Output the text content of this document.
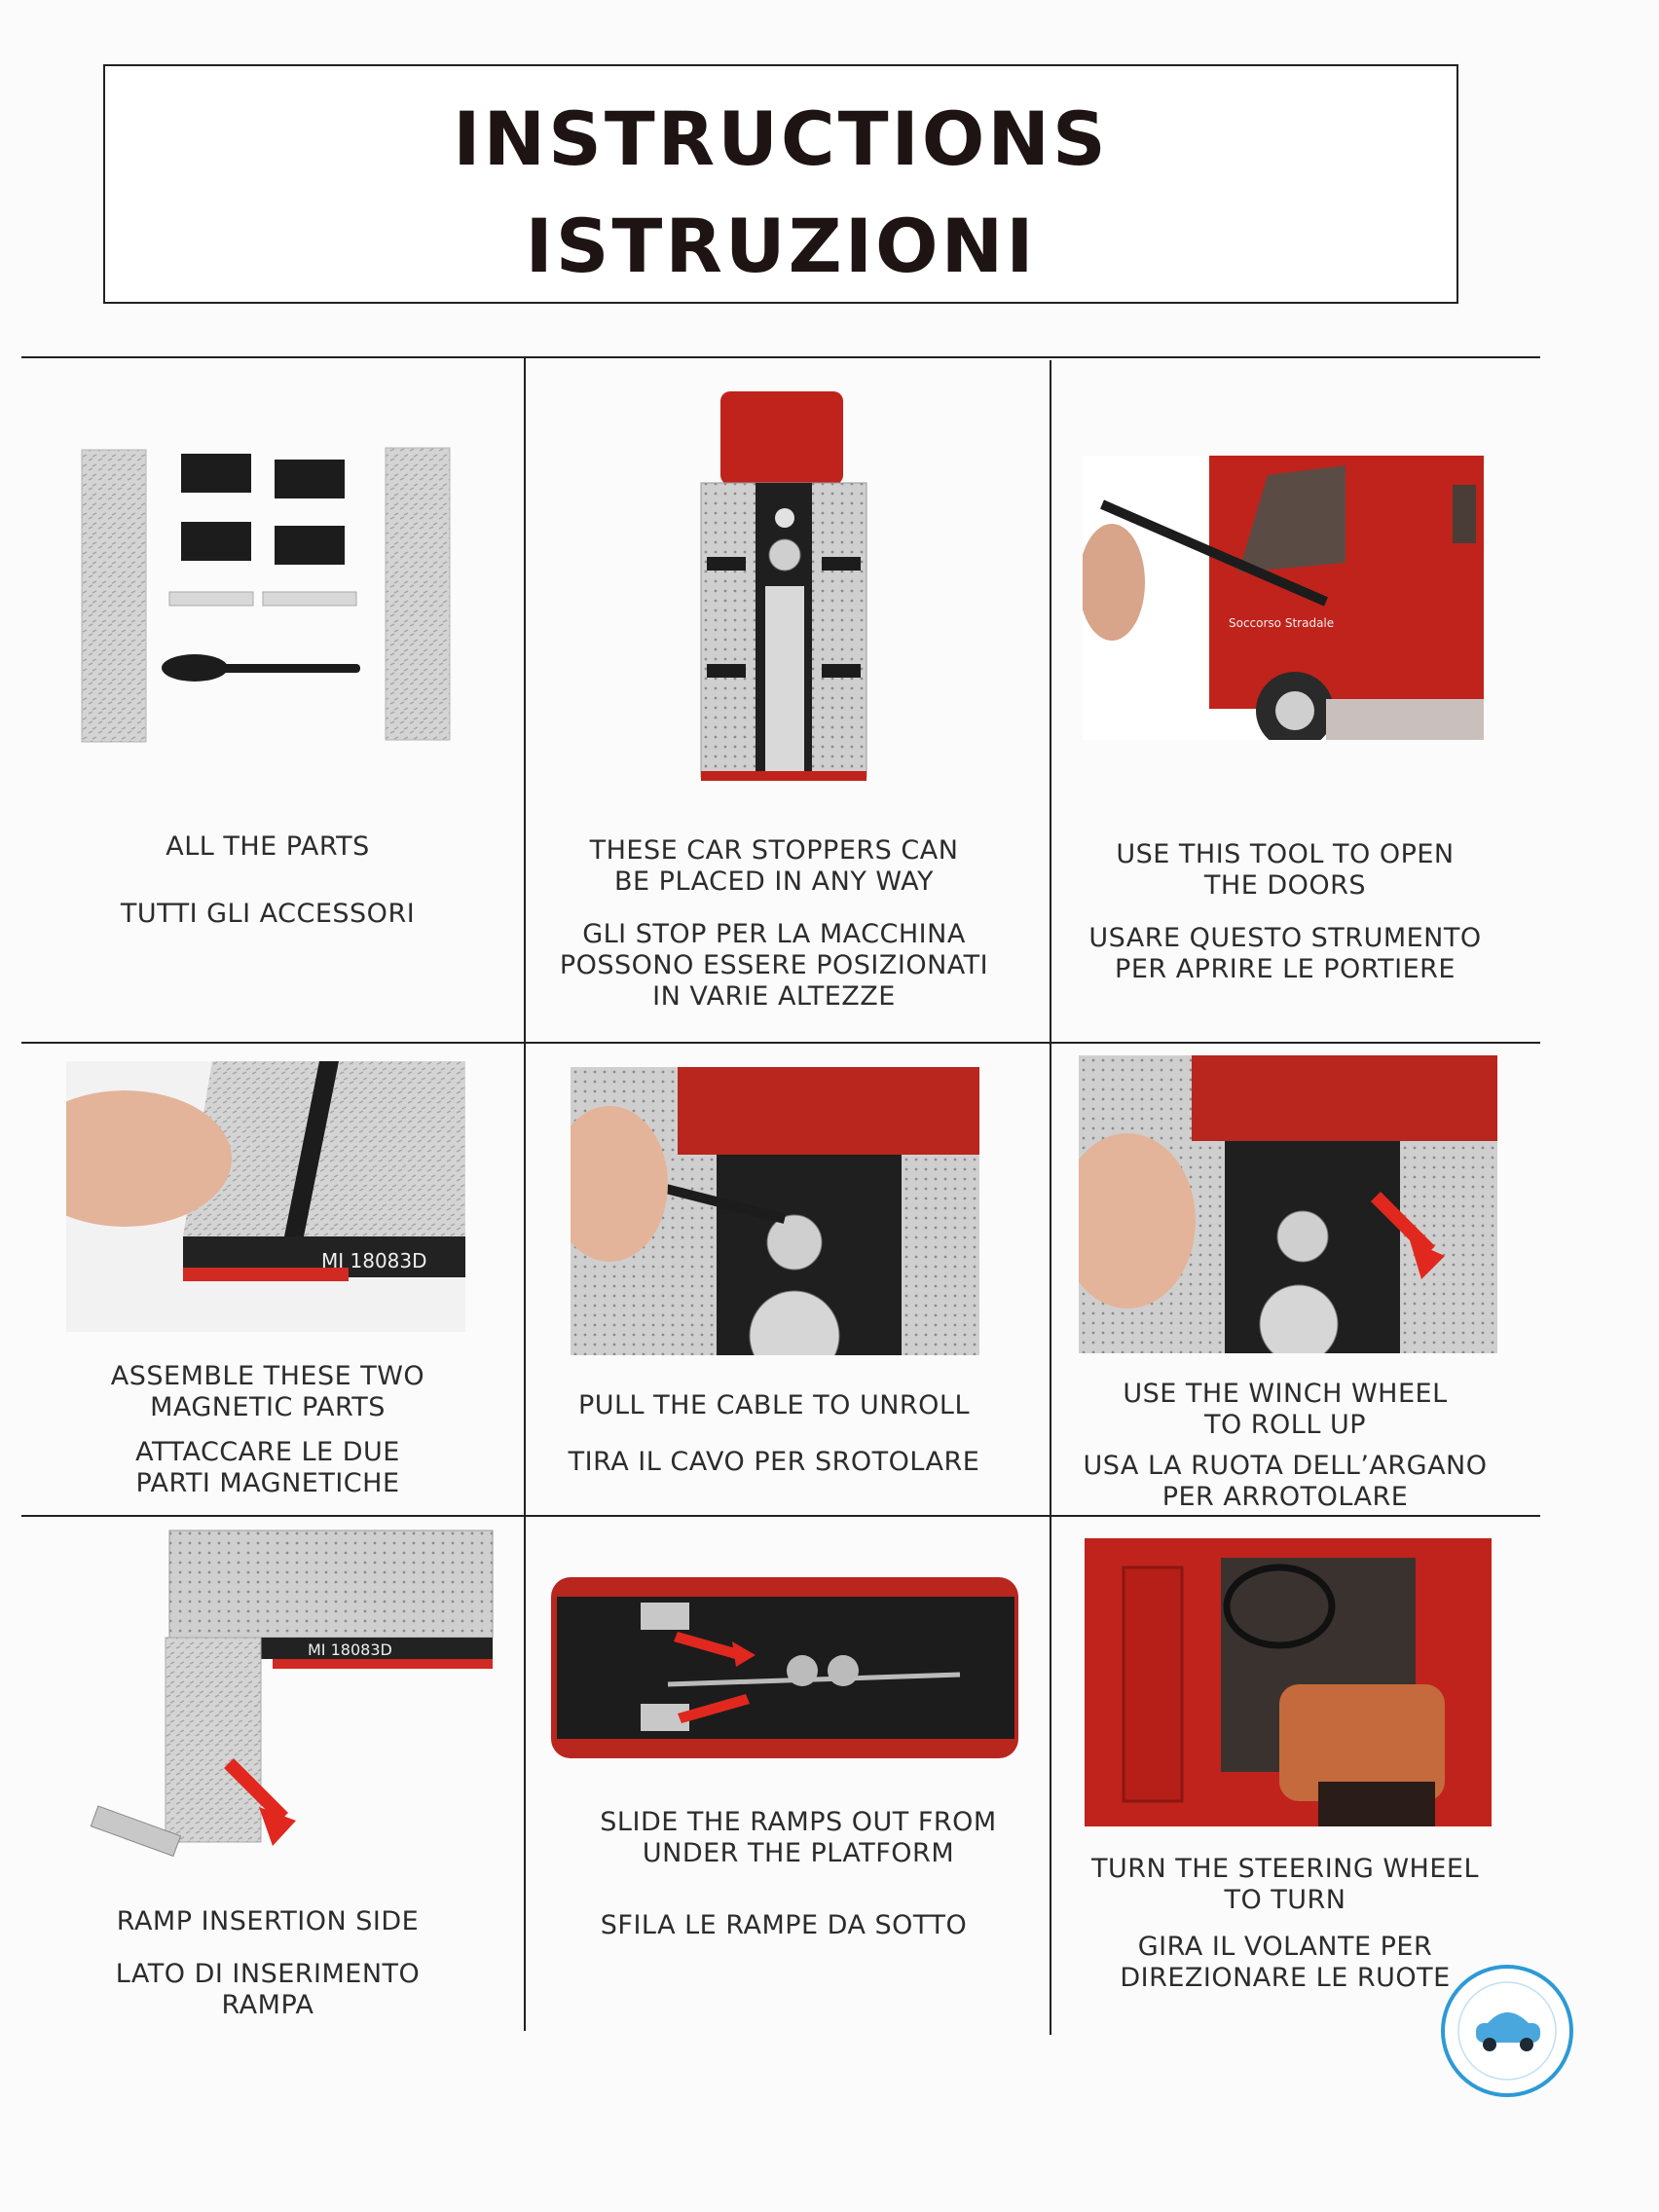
INSTRUCTIONS
ISTRUZIONI
ALL THE PARTS
TUTTI GLI ACCESSORI
THESE CAR STOPPERS CAN
BE PLACED IN ANY WAY
GLI STOP PER LA MACCHINA
POSSONO ESSERE POSIZIONATI
IN VARIE ALTEZZE
Soccorso Stradale
USE THIS TOOL TO OPEN
THE DOORS
USARE QUESTO STRUMENTO
PER APRIRE LE PORTIERE
MI 18083D
ASSEMBLE THESE TWO
MAGNETIC PARTS
ATTACCARE LE DUE
PARTI MAGNETICHE
PULL THE CABLE TO UNROLL
TIRA IL CAVO PER SROTOLARE
USE THE WINCH WHEEL
TO ROLL UP
USA LA RUOTA DELL’ARGANO
PER ARROTOLARE
MI 18083D
RAMP INSERTION SIDE
LATO DI INSERIMENTO
RAMPA
SLIDE THE RAMPS OUT FROM
UNDER THE PLATFORM
SFILA LE RAMPE DA SOTTO
TURN THE STEERING WHEEL
TO TURN
GIRA IL VOLANTE PER
DIREZIONARE LE RUOTE
